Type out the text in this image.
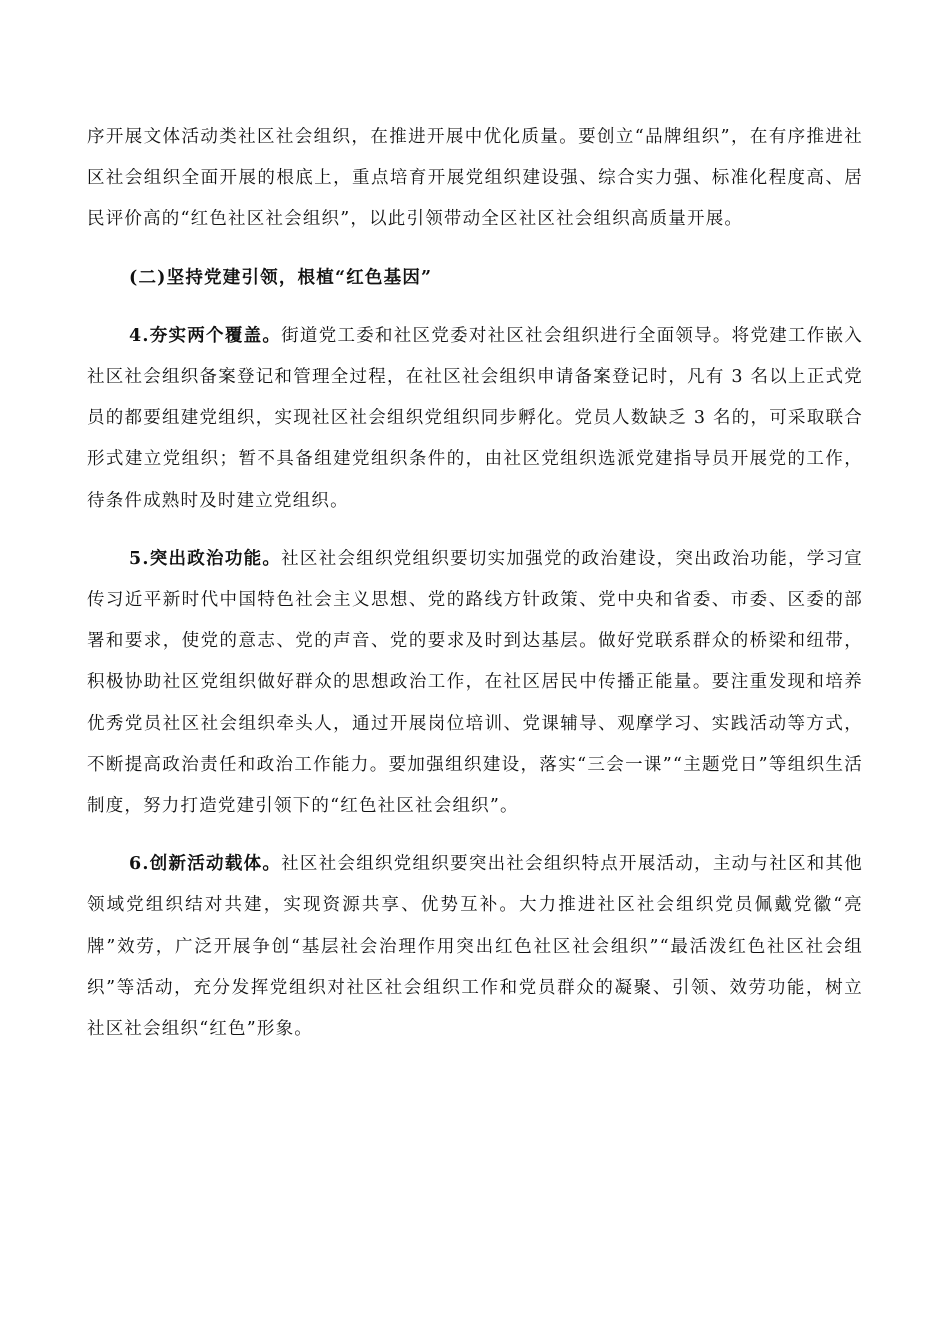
序开展文体活动类社区社会组织，在推进开展中优化质量。要创立“品牌组织”，在有序推进社区社会组织全面开展的根底上，重点培育开展党组织建设强、综合实力强、标准化程度高、居民评价高的“红色社区社会组织”，以此引领带动全区社区社会组织高质量开展。

(二)坚持党建引领，根植“红色基因”

4.夯实两个覆盖。街道党工委和社区党委对社区社会组织进行全面领导。将党建工作嵌入社区社会组织备案登记和管理全过程，在社区社会组织申请备案登记时，凡有 3 名以上正式党员的都要组建党组织，实现社区社会组织党组织同步孵化。党员人数缺乏 3 名的，可采取联合形式建立党组织；暂不具备组建党组织条件的，由社区党组织选派党建指导员开展党的工作，待条件成熟时及时建立党组织。

5.突出政治功能。社区社会组织党组织要切实加强党的政治建设，突出政治功能，学习宣传习近平新时代中国特色社会主义思想、党的路线方针政策、党中央和省委、市委、区委的部署和要求，使党的意志、党的声音、党的要求及时到达基层。做好党联系群众的桥梁和纽带，积极协助社区党组织做好群众的思想政治工作，在社区居民中传播正能量。要注重发现和培养优秀党员社区社会组织牵头人，通过开展岗位培训、党课辅导、观摩学习、实践活动等方式，不断提高政治责任和政治工作能力。要加强组织建设，落实“三会一课”“主题党日”等组织生活制度，努力打造党建引领下的“红色社区社会组织”。

6.创新活动载体。社区社会组织党组织要突出社会组织特点开展活动，主动与社区和其他领域党组织结对共建，实现资源共享、优势互补。大力推进社区社会组织党员佩戴党徽“亮牌”效劳，广泛开展争创“基层社会治理作用突出红色社区社会组织”“最活泼红色社区社会组织”等活动，充分发挥党组织对社区社会组织工作和党员群众的凝聚、引领、效劳功能，树立社区社会组织“红色”形象。
